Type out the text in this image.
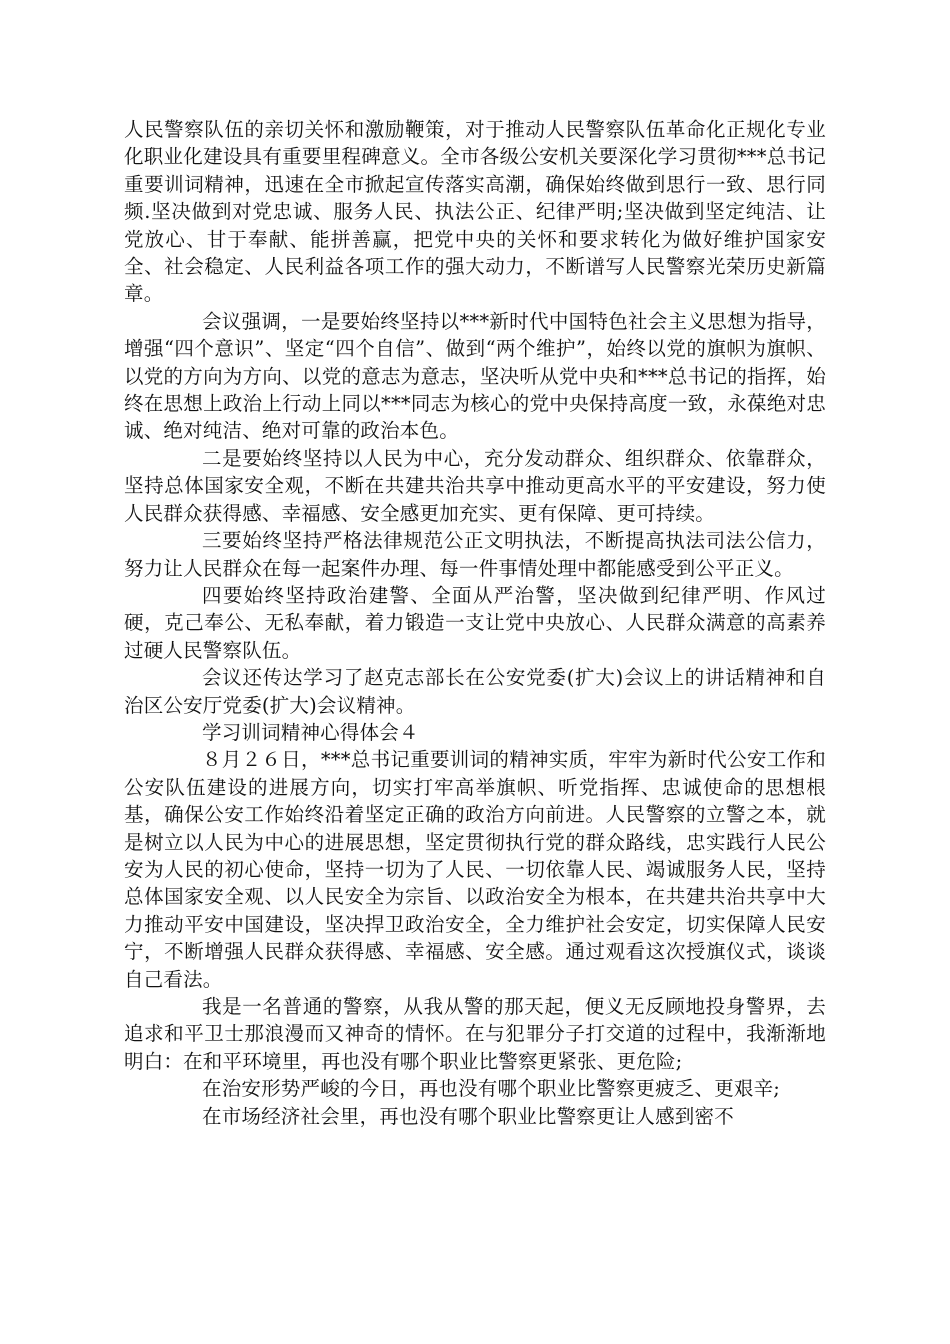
人民警察队伍的亲切关怀和激励鞭策，对于推动人民警察队伍革命化正规化专业化职业化建设具有重要里程碑意义。全市各级公安机关要深化学习贯彻***总书记重要训词精神，迅速在全市掀起宣传落实高潮，确保始终做到思行一致、思行同频.坚决做到对党忠诚、服务人民、执法公正、纪律严明;坚决做到坚定纯洁、让党放心、甘于奉献、能拼善赢，把党中央的关怀和要求转化为做好维护国家安全、社会稳定、人民利益各项工作的强大动力，不断谱写人民警察光荣历史新篇章。

会议强调，一是要始终坚持以***新时代中国特色社会主义思想为指导，增强“四个意识”、坚定“四个自信”、做到“两个维护”，始终以党的旗帜为旗帜、以党的方向为方向、以党的意志为意志，坚决听从党中央和***总书记的指挥，始终在思想上政治上行动上同以***同志为核心的党中央保持高度一致，永葆绝对忠诚、绝对纯洁、绝对可靠的政治本色。

二是要始终坚持以人民为中心，充分发动群众、组织群众、依靠群众，坚持总体国家安全观，不断在共建共治共享中推动更高水平的平安建设，努力使人民群众获得感、幸福感、安全感更加充实、更有保障、更可持续。

三要始终坚持严格法律规范公正文明执法，不断提高执法司法公信力，努力让人民群众在每一起案件办理、每一件事情处理中都能感受到公平正义。

四要始终坚持政治建警、全面从严治警，坚决做到纪律严明、作风过硬，克己奉公、无私奉献，着力锻造一支让党中央放心、人民群众满意的高素养过硬人民警察队伍。

会议还传达学习了赵克志部长在公安党委(扩大)会议上的讲话精神和自治区公安厅党委(扩大)会议精神。

学习训词精神心得体会４

８月２６日，***总书记重要训词的精神实质，牢牢为新时代公安工作和公安队伍建设的进展方向，切实打牢高举旗帜、听党指挥、忠诚使命的思想根基，确保公安工作始终沿着坚定正确的政治方向前进。人民警察的立警之本，就是树立以人民为中心的进展思想，坚定贯彻执行党的群众路线，忠实践行人民公安为人民的初心使命，坚持一切为了人民、一切依靠人民、竭诚服务人民，坚持总体国家安全观、以人民安全为宗旨、以政治安全为根本，在共建共治共享中大力推动平安中国建设，坚决捍卫政治安全，全力维护社会安定，切实保障人民安宁，不断增强人民群众获得感、幸福感、安全感。通过观看这次授旗仪式，谈谈自己看法。

我是一名普通的警察，从我从警的那天起，便义无反顾地投身警界，去追求和平卫士那浪漫而又神奇的情怀。在与犯罪分子打交道的过程中，我渐渐地明白：在和平环境里，再也没有哪个职业比警察更紧张、更危险;

在治安形势严峻的今日，再也没有哪个职业比警察更疲乏、更艰辛;

在市场经济社会里，再也没有哪个职业比警察更让人感到密不
